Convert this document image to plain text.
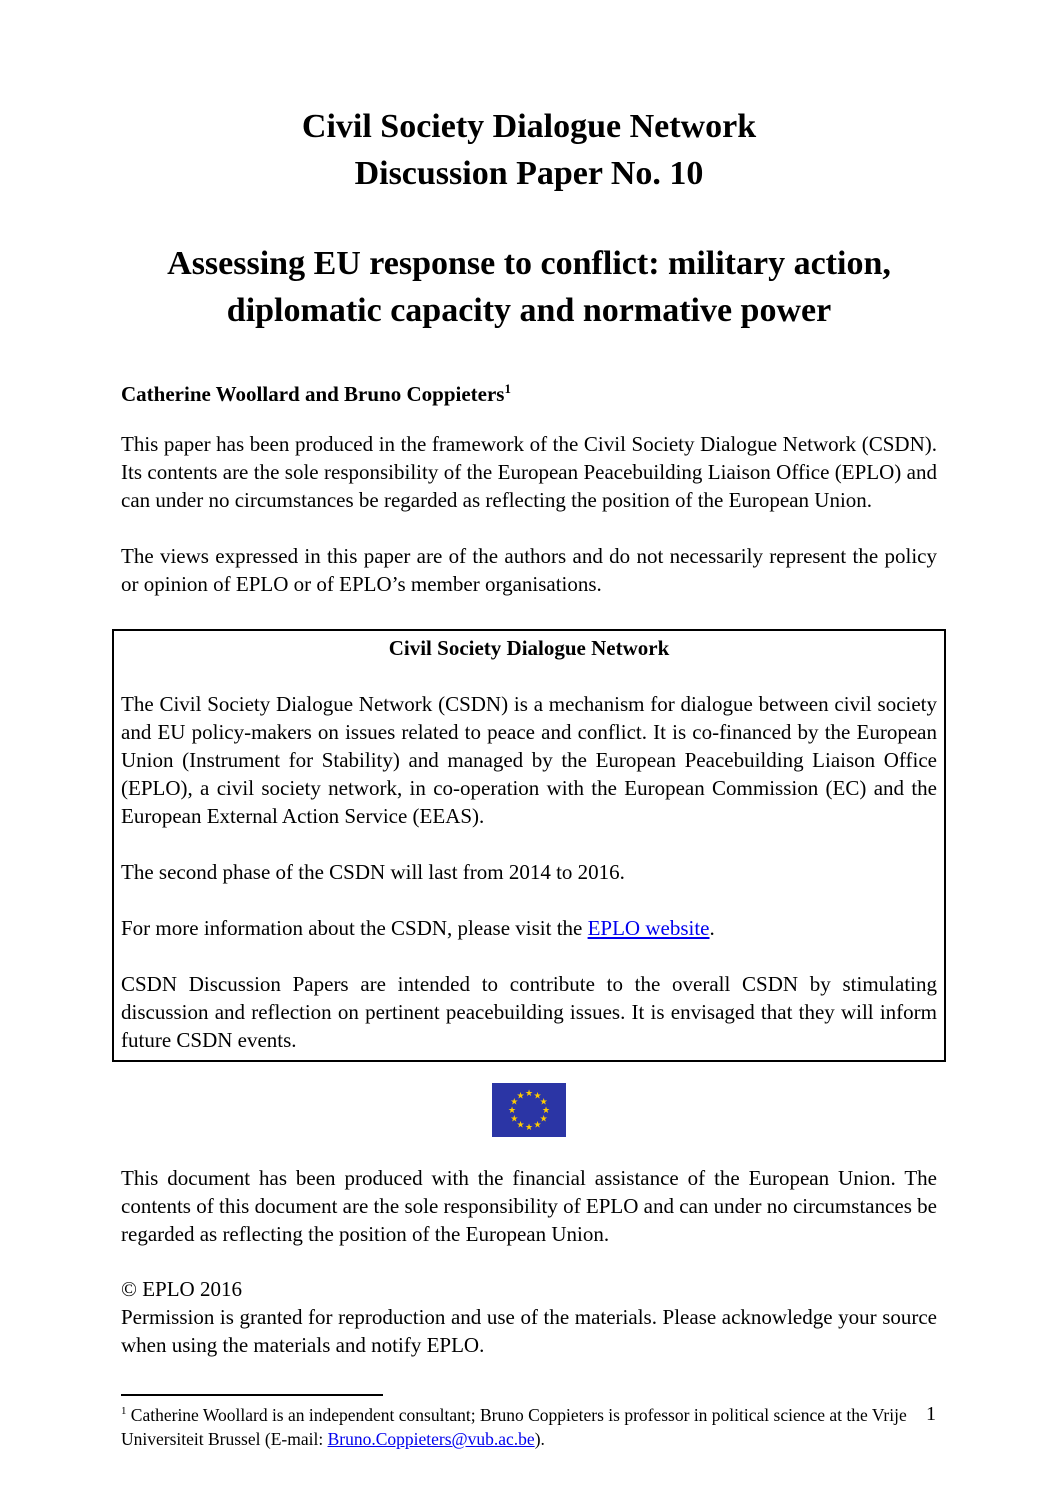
Civil Society Dialogue Network
Discussion Paper No. 10
Assessing EU response to conflict: military action, diplomatic capacity and normative power

Catherine Woollard and Bruno Coppieters$^1$

This paper has been produced in the framework of the Civil Society Dialogue Network (CSDN). Its contents are the sole responsibility of the European Peacebuilding Liaison Office (EPLO) and can under no circumstances be regarded as reflecting the position of the European Union.

The views expressed in this paper are of the authors and do not necessarily represent the policy or opinion of EPLO or of EPLO’s member organisations.

Civil Society Dialogue Network

The Civil Society Dialogue Network (CSDN) is a mechanism for dialogue between civil society and EU policy-makers on issues related to peace and conflict. It is co-financed by the European Union (Instrument for Stability) and managed by the European Peacebuilding Liaison Office (EPLO), a civil society network, in co-operation with the European Commission (EC) and the European External Action Service (EEAS).

The second phase of the CSDN will last from 2014 to 2016.

For more information about the CSDN, please visit the EPLO website.

CSDN Discussion Papers are intended to contribute to the overall CSDN by stimulating discussion and reflection on pertinent peacebuilding issues. It is envisaged that they will inform future CSDN events.

★ ★
★
★
★
★
★
★
★
★
★
★

This document has been produced with the financial assistance of the European Union. The contents of this document are the sole responsibility of EPLO and can under no circumstances be regarded as reflecting the position of the European Union.

© EPLO 2016

Permission is granted for reproduction and use of the materials. Please acknowledge your source when using the materials and notify EPLO.

$^1$ Catherine Woollard is an independent consultant; Bruno Coppieters is professor in political science at the Vrije Universiteit Brussel (E-mail: Bruno.Coppieters@vub.ac.be).
1
